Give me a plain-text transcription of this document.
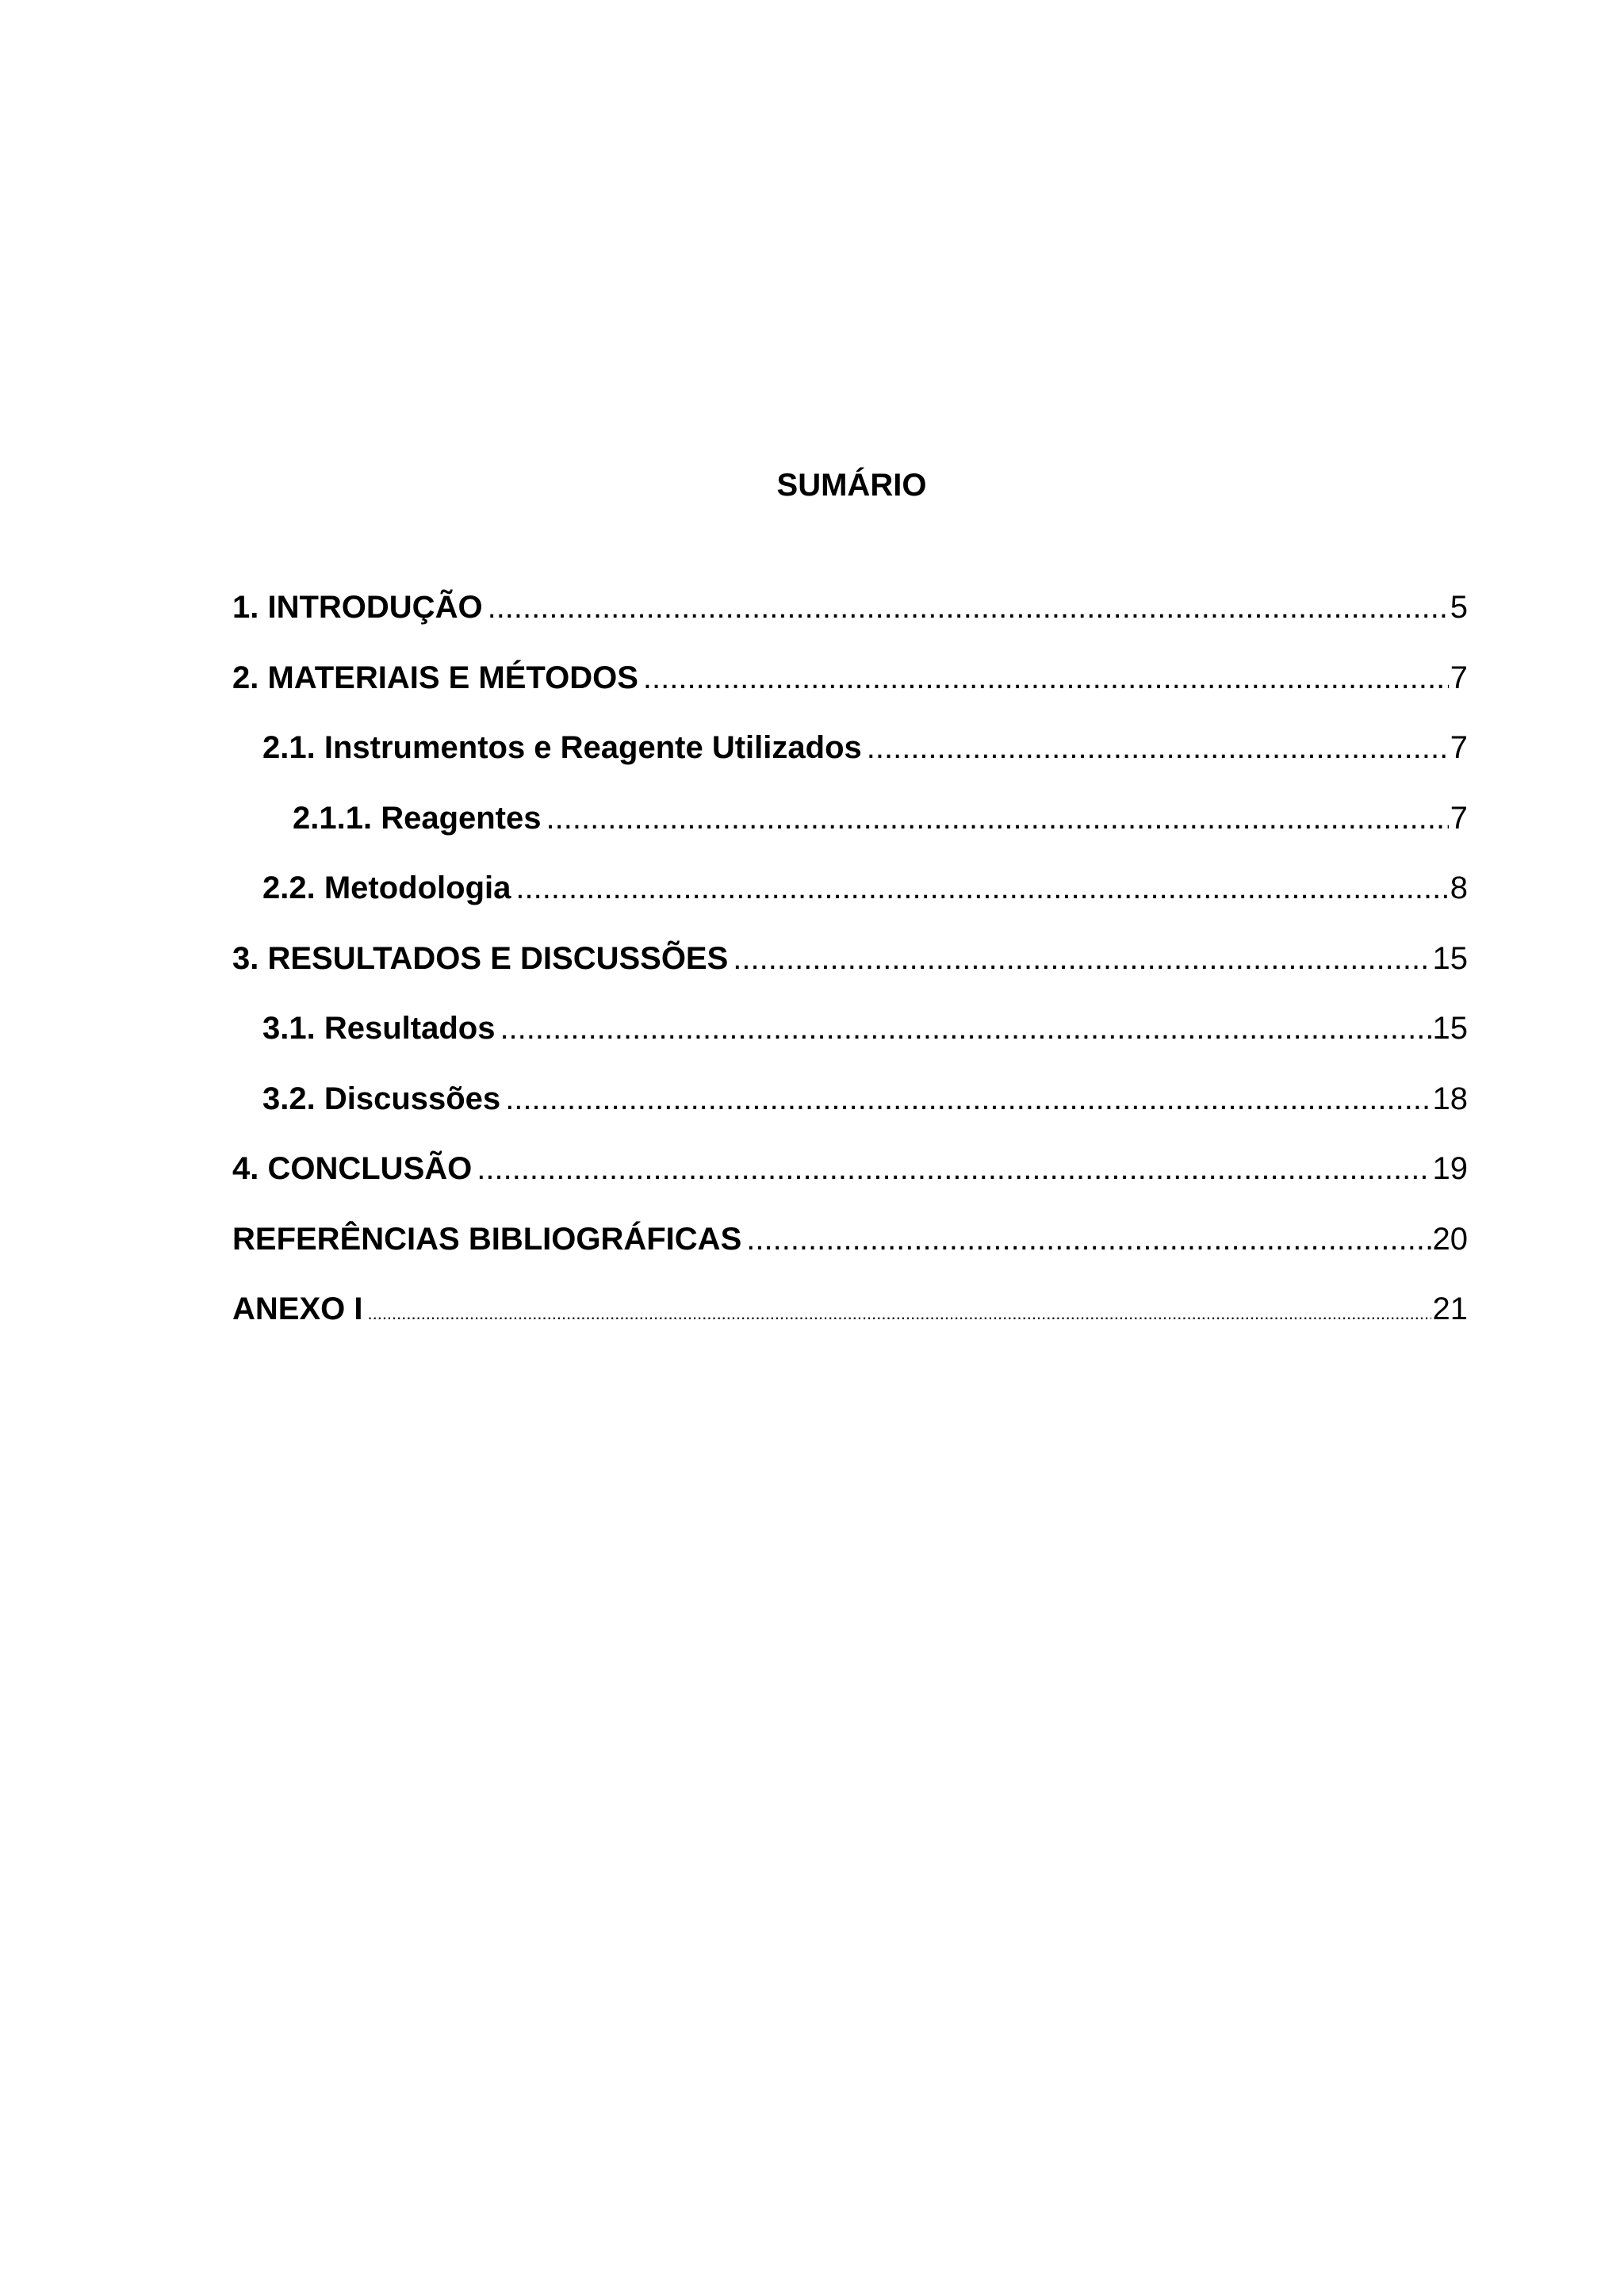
SUMÁRIO
1. INTRODUÇÃO .....	5
2. MATERIAIS E MÉTODOS .....	7
2.1. Instrumentos e Reagente Utilizados .....	7
2.1.1. Reagentes .....	7
2.2. Metodologia .....	8
3. RESULTADOS E DISCUSSÕES .....	15
3.1. Resultados .....	15
3.2. Discussões .....	18
4. CONCLUSÃO .....	19
REFERÊNCIAS BIBLIOGRÁFICAS .....	20
ANEXO I .....	21
